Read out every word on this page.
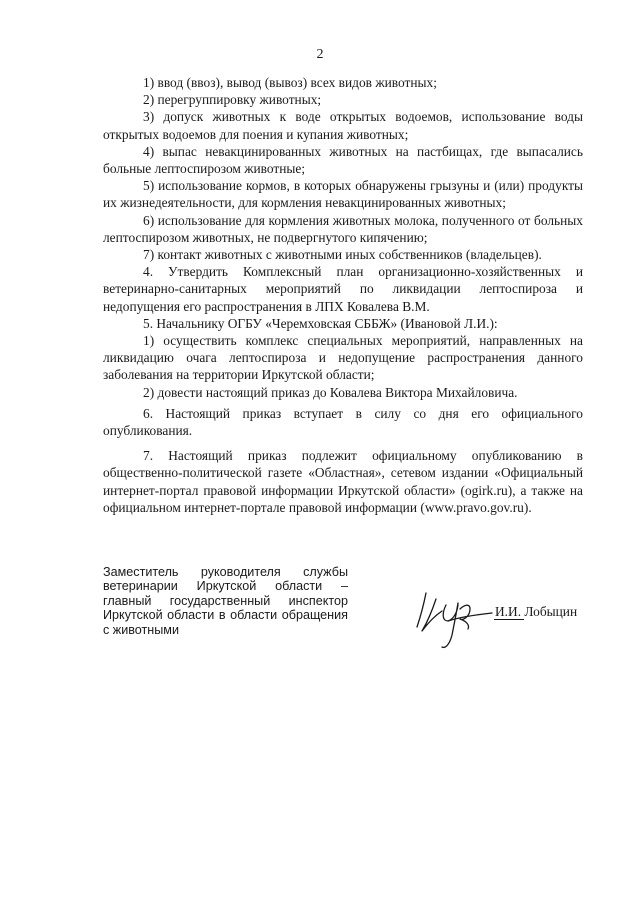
2

1) ввод (ввоз), вывод (вывоз) всех видов животных;

2) перегруппировку животных;

3) допуск животных к воде открытых водоемов, использование воды открытых водоемов для поения и купания животных;

4) выпас невакцинированных животных на пастбищах, где выпасались больные лептоспирозом животные;

5) использование кормов, в которых обнаружены грызуны и (или) продукты их жизнедеятельности, для кормления невакцинированных животных;

6) использование для кормления животных молока, полученного от больных лептоспирозом животных, не подвергнутого кипячению;

7) контакт животных с животными иных собственников (владельцев).

4. Утвердить Комплексный план организационно-хозяйственных и ветеринарно-санитарных мероприятий по ликвидации лептоспироза и недопущения его распространения в ЛПХ Ковалева В.М.

5. Начальнику ОГБУ «Черемховская СББЖ» (Ивановой Л.И.):

1) осуществить комплекс специальных мероприятий, направленных на ликвидацию очага лептоспироза и недопущение распространения данного заболевания на территории Иркутской области;

2) довести настоящий приказ до Ковалева Виктора Михайловича.

6. Настоящий приказ вступает в силу со дня его официального опубликования.

7. Настоящий приказ подлежит официальному опубликованию в общественно-политической газете «Областная», сетевом издании «Официальный интернет-портал правовой информации Иркутской области» (ogirk.ru), а также на официальном интернет-портале правовой информации (www.pravo.gov.ru).

Заместитель руководителя службы ветеринарии Иркутской области – главный государственный инспектор Иркутской области в области обращения с животными
И.И. Лобыцин
